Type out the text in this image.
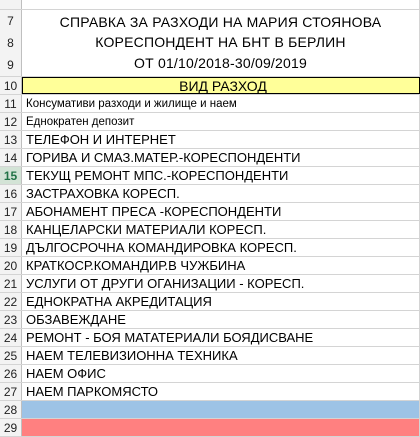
7
8
9
СПРАВКА ЗА РАЗХОДИ НА МАРИЯ СТОЯНОВА
КОРЕСПОНДЕНТ НА БНТ В БЕРЛИН
ОТ 01/10/2018-30/09/2019
10	ВИД РАЗХОД
11 Консумативи разходи и жилище и наем
12 Еднократен депозит
13 ТЕЛЕФОН И ИНТЕРНЕТ
14 ГОРИВА И СМАЗ.МАТЕР.-КОРЕСПОНДЕНТИ
15 ТЕКУЩ РЕМОНТ МПС.-КОРЕСПОНДЕНТИ
16 ЗАСТРАХОВКА КОРЕСП.
17 АБОНАМЕНТ ПРЕСА -КОРЕСПОНДЕНТИ
18 КАНЦЕЛАРСКИ МАТЕРИАЛИ КОРЕСП.
19 ДЪЛГОСРОЧНА КОМАНДИРОВКА КОРЕСП.
20 КРАТКОСР.КОМАНДИР.В ЧУЖБИНА
21 УСЛУГИ ОТ ДРУГИ ОГАНИЗАЦИИ - КОРЕСП.
22 ЕДНОКРАТНА АКРЕДИТАЦИЯ
23 ОБЗАВЕЖДАНЕ
24 РЕМОНТ - БОЯ МАТАТЕРИАЛИ БОЯДИСВАНЕ
25 НАЕМ ТЕЛЕВИЗИОННА ТЕХНИКА
26 НАЕМ ОФИС
27 НАЕМ ПАРКОМЯСТО
28
29
